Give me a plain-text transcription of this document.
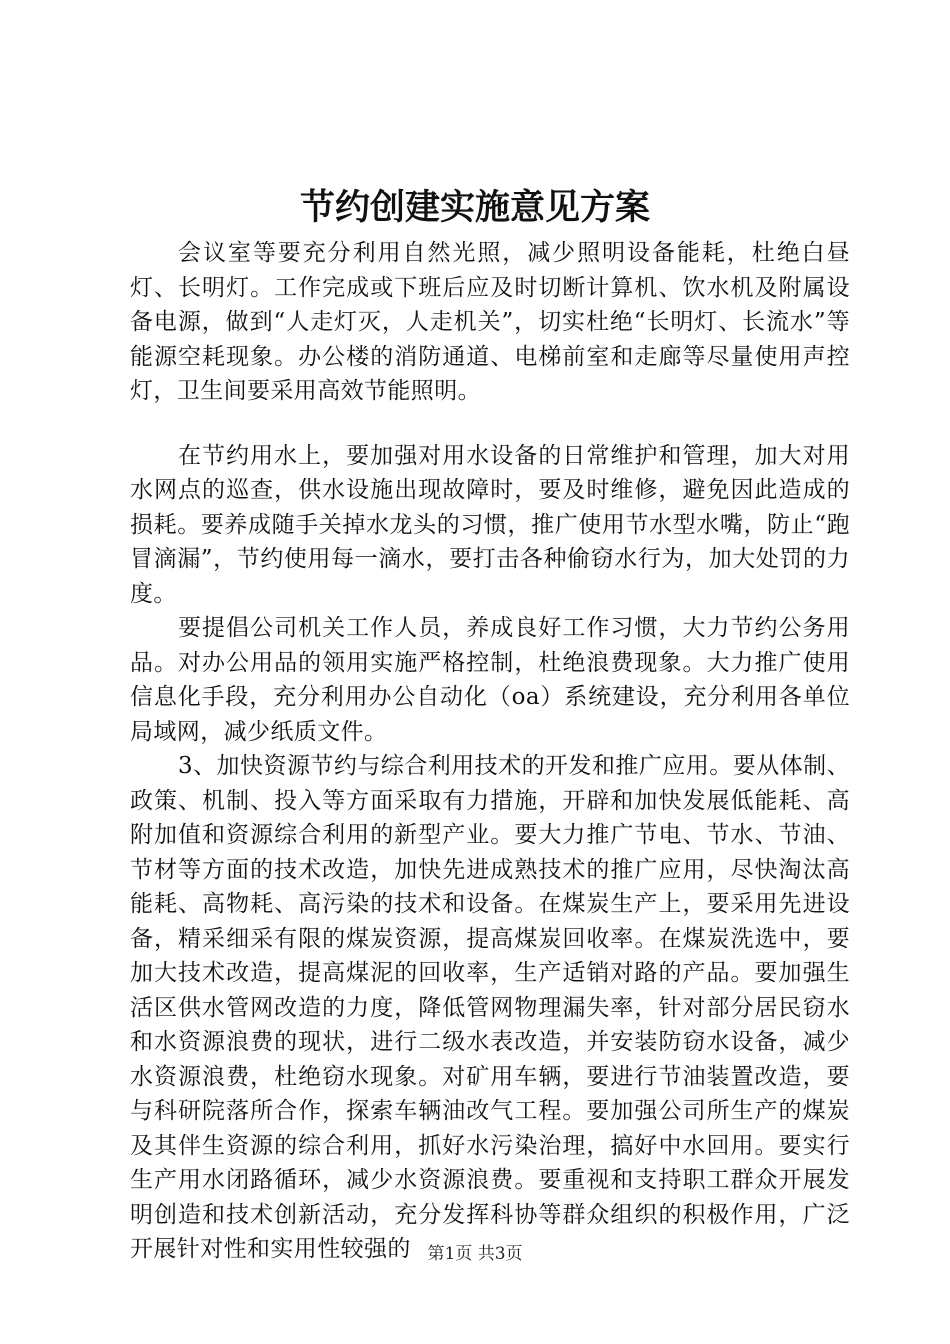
节约创建实施意见方案

会议室等要充分利用自然光照，减少照明设备能耗，杜绝白昼灯、长明灯。工作完成或下班后应及时切断计算机、饮水机及附属设备电源，做到“人走灯灭，人走机关”，切实杜绝“长明灯、长流水”等能源空耗现象。办公楼的消防通道、电梯前室和走廊等尽量使用声控灯，卫生间要采用高效节能照明。

在节约用水上，要加强对用水设备的日常维护和管理，加大对用水网点的巡查，供水设施出现故障时，要及时维修，避免因此造成的损耗。要养成随手关掉水龙头的习惯，推广使用节水型水嘴，防止“跑冒滴漏”，节约使用每一滴水，要打击各种偷窃水行为，加大处罚的力度。

要提倡公司机关工作人员，养成良好工作习惯，大力节约公务用品。对办公用品的领用实施严格控制，杜绝浪费现象。大力推广使用信息化手段，充分利用办公自动化（oa）系统建设，充分利用各单位局域网，减少纸质文件。

3、加快资源节约与综合利用技术的开发和推广应用。要从体制、政策、机制、投入等方面采取有力措施，开辟和加快发展低能耗、高附加值和资源综合利用的新型产业。要大力推广节电、节水、节油、节材等方面的技术改造，加快先进成熟技术的推广应用，尽快淘汰高能耗、高物耗、高污染的技术和设备。在煤炭生产上，要采用先进设备，精采细采有限的煤炭资源，提高煤炭回收率。在煤炭洗选中，要加大技术改造，提高煤泥的回收率，生产适销对路的产品。要加强生活区供水管网改造的力度，降低管网物理漏失率，针对部分居民窃水和水资源浪费的现状，进行二级水表改造，并安装防窃水设备，减少水资源浪费，杜绝窃水现象。对矿用车辆，要进行节油装置改造，要与科研院落所合作，探索车辆油改气工程。要加强公司所生产的煤炭及其伴生资源的综合利用，抓好水污染治理，搞好中水回用。要实行生产用水闭路循环，减少水资源浪费。要重视和支持职工群众开展发明创造和技术创新活动，充分发挥科协等群众组织的积极作用，广泛开展针对性和实用性较强的 第1页 共3页
